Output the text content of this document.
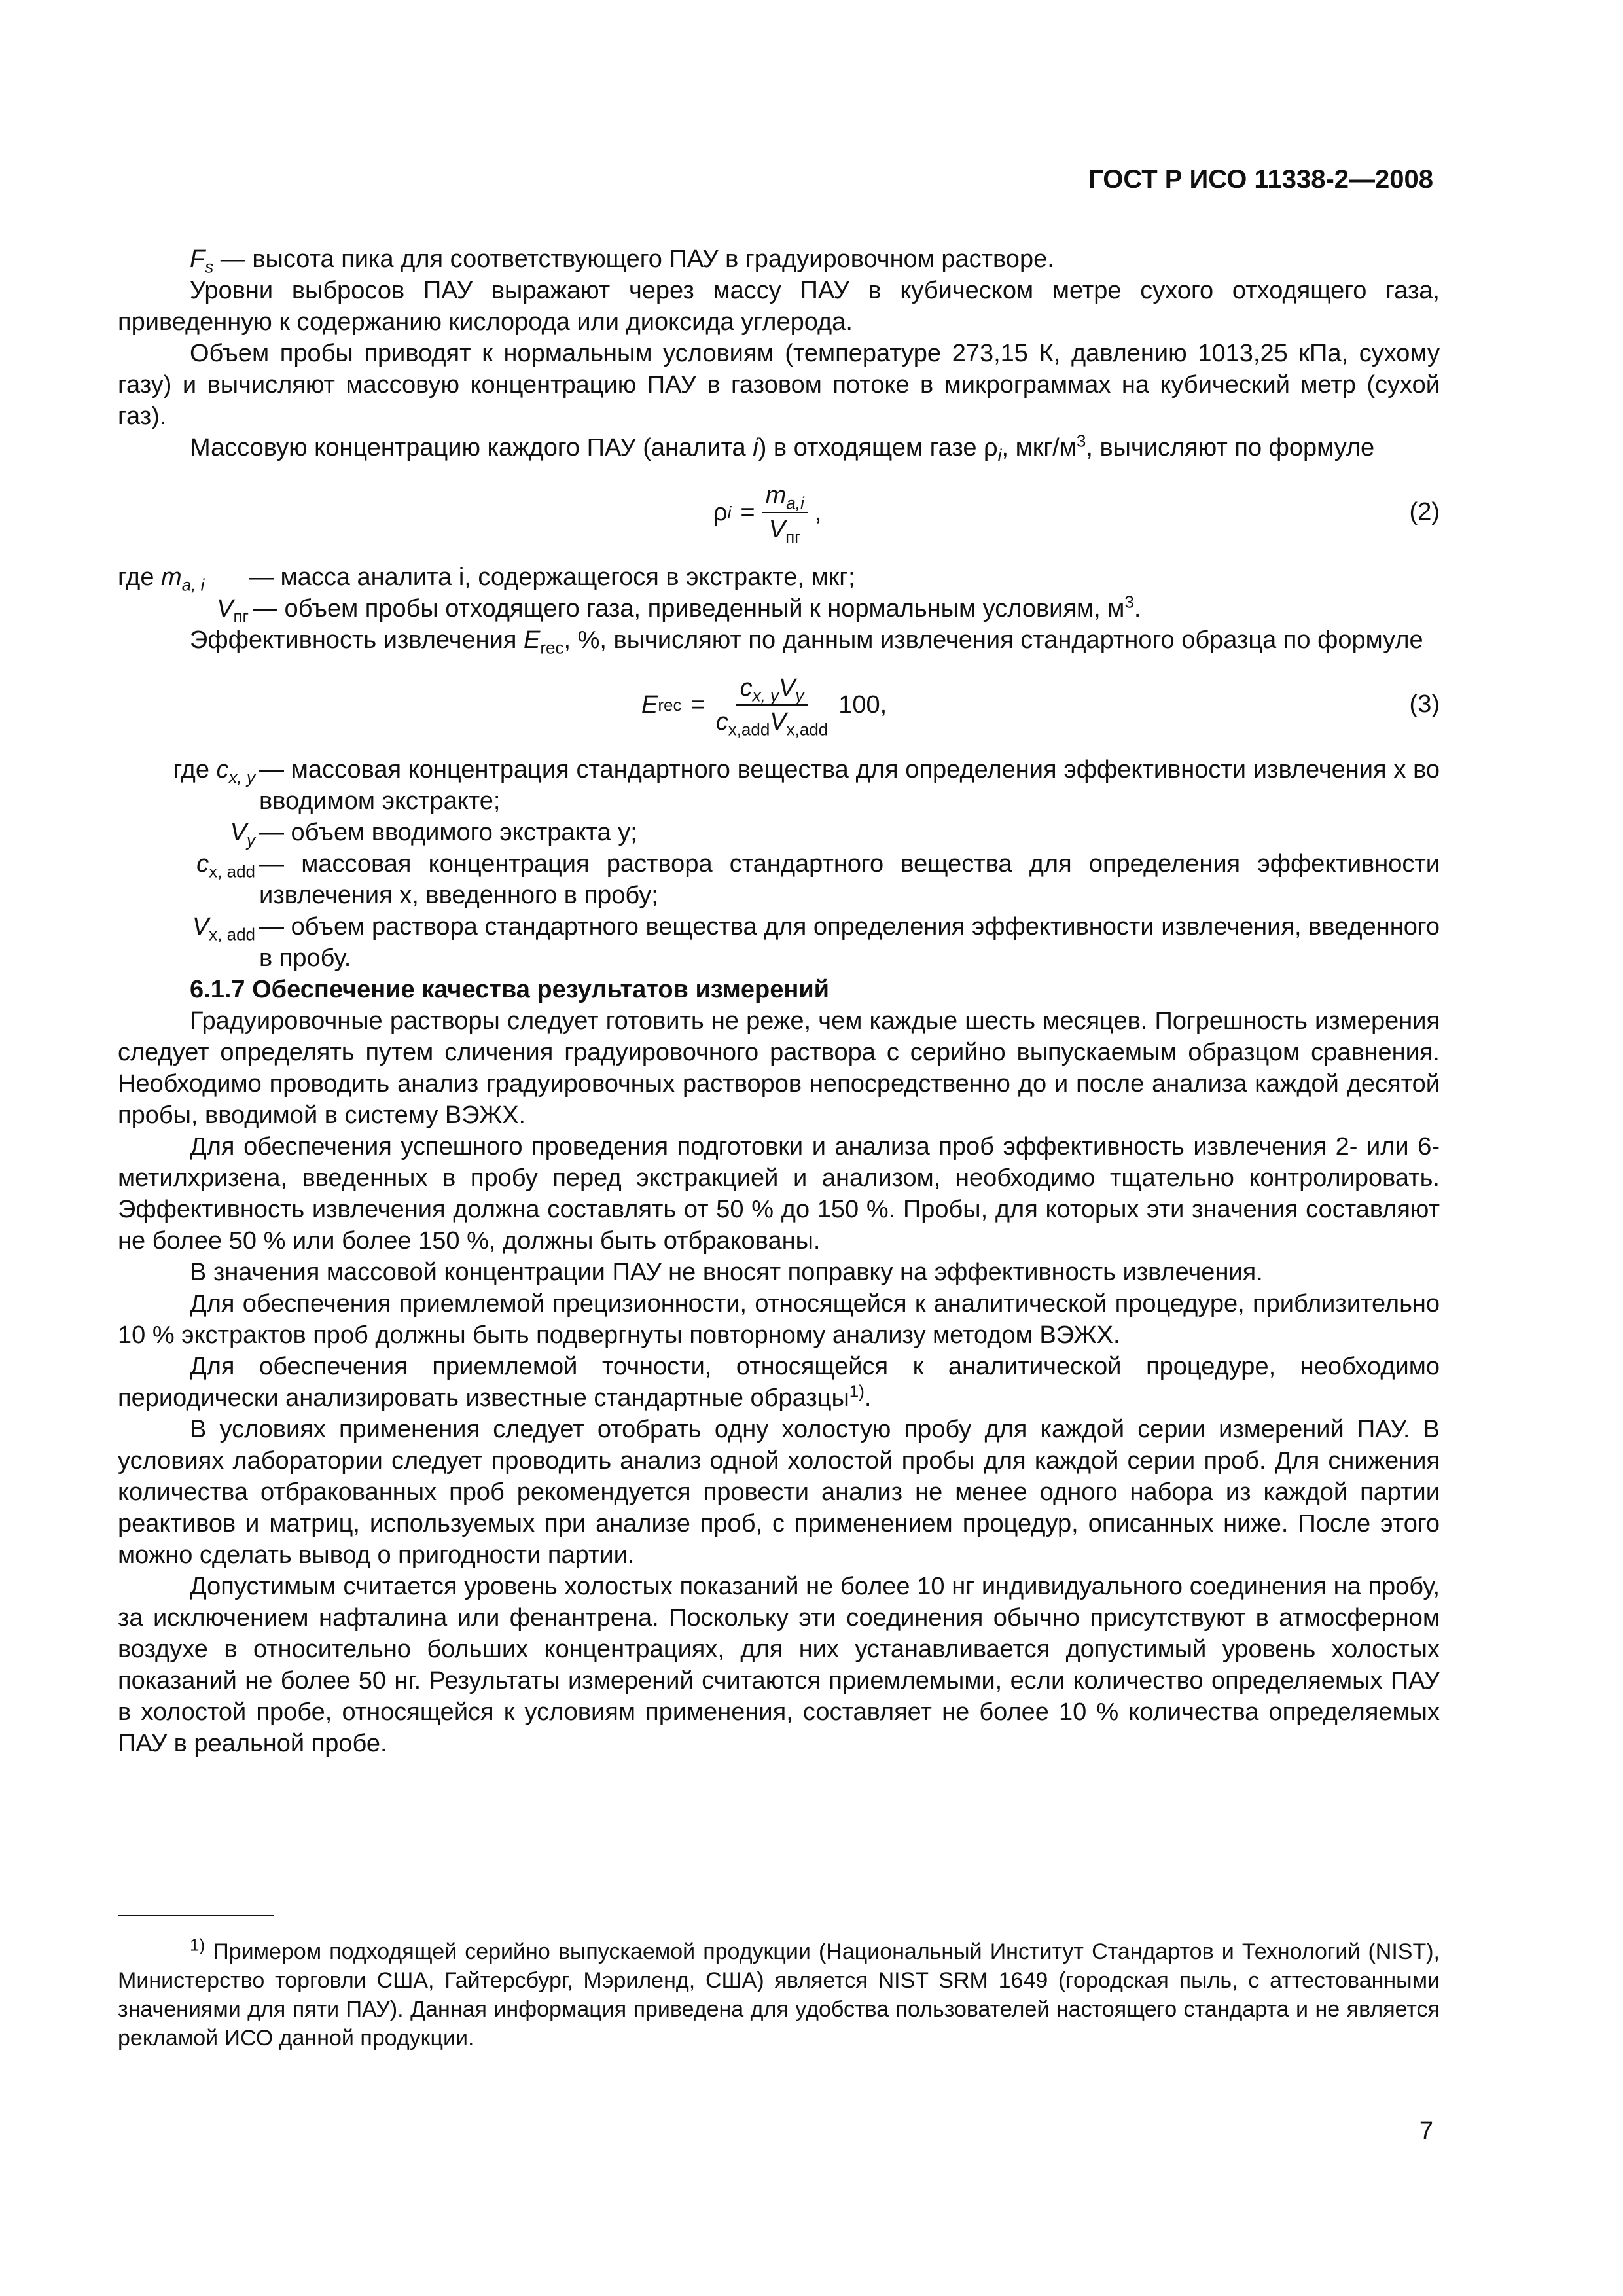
ГОСТ Р ИСО 11338-2—2008

$F_s$ — высота пика для соответствующего ПАУ в градуировочном растворе.

Уровни выбросов ПАУ выражают через массу ПАУ в кубическом метре сухого отходящего газа, приведенную к содержанию кислорода или диоксида углерода.

Объем пробы приводят к нормальным условиям (температуре 273,15 К, давлению 1013,25 кПа, сухому газу) и вычисляют массовую концентрацию ПАУ в газовом потоке в микрограммах на кубический метр (сухой газ).

Массовую концентрацию каждого ПАУ (аналита i) в отходящем газе $\rho_i$, мкг/$м^3$, вычисляют по формуле

ρ $i = \frac{m_{a,i}}{V_{пг}}$ ,	(2)
где $m_{a, i}$	— масса аналита i, содержащегося в экстракте, мкг;
$V_{пг}$ — объем пробы отходящего газа, приведенный к нормальным условиям, $м^3$.

Эффективность извлечения $E_{rec}$, %, вычисляют по данным извлечения стандартного образца по формуле

E rec = $\frac{c_{x, y}V_y}{c_{x,add}V_{x,add}} 100$,	(3)
где $c_{x, y}$ — массовая концентрация стандартного вещества для определения эффективности извлечения x во вводимом экстракте;
$V_y$ — объем вводимого экстракта y;
$c_{x, add}$ — массовая концентрация раствора стандартного вещества для определения эффективности извлечения x, введенного в пробу;
$V_{x, add}$ — объем раствора стандартного вещества для определения эффективности извлечения, введенного в пробу.

6.1.7 Обеспечение качества результатов измерений

Градуировочные растворы следует готовить не реже, чем каждые шесть месяцев. Погрешность измерения следует определять путем сличения градуировочного раствора с серийно выпускаемым образцом сравнения. Необходимо проводить анализ градуировочных растворов непосредственно до и после анализа каждой десятой пробы, вводимой в систему ВЭЖХ.

Для обеспечения успешного проведения подготовки и анализа проб эффективность извлечения 2- или 6-метилхризена, введенных в пробу перед экстракцией и анализом, необходимо тщательно контролировать. Эффективность извлечения должна составлять от 50 % до 150 %. Пробы, для которых эти значения составляют не более 50 % или более 150 %, должны быть отбракованы.

В значения массовой концентрации ПАУ не вносят поправку на эффективность извлечения.

Для обеспечения приемлемой прецизионности, относящейся к аналитической процедуре, приблизительно 10 % экстрактов проб должны быть подвергнуты повторному анализу методом ВЭЖХ.

Для обеспечения приемлемой точности, относящейся к аналитической процедуре, необходимо периодически анализировать известные стандартные образцы$^{1)}$.

В условиях применения следует отобрать одну холостую пробу для каждой серии измерений ПАУ. В условиях лаборатории следует проводить анализ одной холостой пробы для каждой серии проб. Для снижения количества отбракованных проб рекомендуется провести анализ не менее одного набора из каждой партии реактивов и матриц, используемых при анализе проб, с применением процедур, описанных ниже. После этого можно сделать вывод о пригодности партии.

Допустимым считается уровень холостых показаний не более 10 нг индивидуального соединения на пробу, за исключением нафталина или фенантрена. Поскольку эти соединения обычно присутствуют в атмосферном воздухе в относительно больших концентрациях, для них устанавливается допустимый уровень холостых показаний не более 50 нг. Результаты измерений считаются приемлемыми, если количество определяемых ПАУ в холостой пробе, относящейся к условиям применения, составляет не более 10 % количества определяемых ПАУ в реальной пробе.

$^{1)}$ Примером подходящей серийно выпускаемой продукции (Национальный Институт Стандартов и Технологий (NIST), Министерство торговли США, Гайтерсбург, Мэриленд, США) является NIST SRM 1649 (городская пыль, с аттестованными значениями для пяти ПАУ). Данная информация приведена для удобства пользователей настоящего стандарта и не является рекламой ИСО данной продукции.

7
